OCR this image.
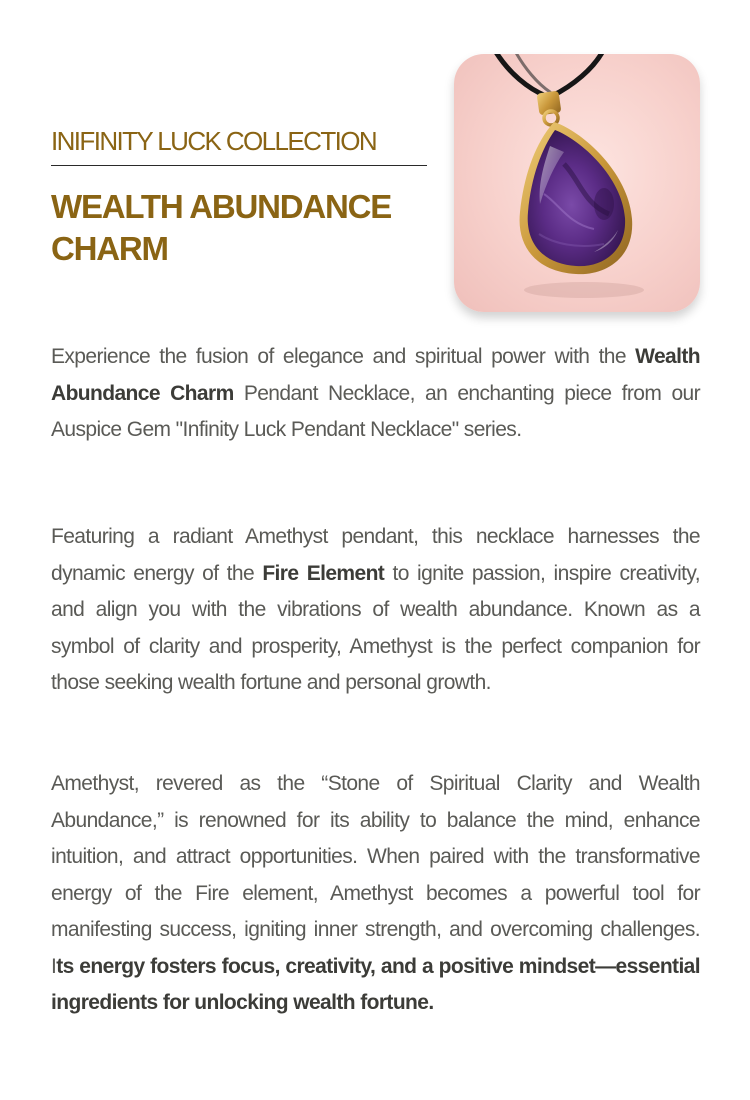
INIFINITY LUCK COLLECTION
WEALTH ABUNDANCE CHARM

Experience the fusion of elegance and spiritual power with the Wealth Abundance Charm Pendant Necklace, an enchanting piece from our Auspice Gem "Infinity Luck Pendant Necklace" series.

Featuring a radiant Amethyst pendant, this necklace harnesses the dynamic energy of the Fire Element to ignite passion, inspire creativity, and align you with the vibrations of wealth abundance. Known as a symbol of clarity and prosperity, Amethyst is the perfect companion for those seeking wealth fortune and personal growth.

Amethyst, revered as the “Stone of Spiritual Clarity and Wealth Abundance,” is renowned for its ability to balance the mind, enhance intuition, and attract opportunities. When paired with the transformative energy of the Fire element, Amethyst becomes a powerful tool for manifesting success, igniting inner strength, and overcoming challenges. Its energy fosters focus, creativity, and a positive mindset—essential ingredients for unlocking wealth fortune.
